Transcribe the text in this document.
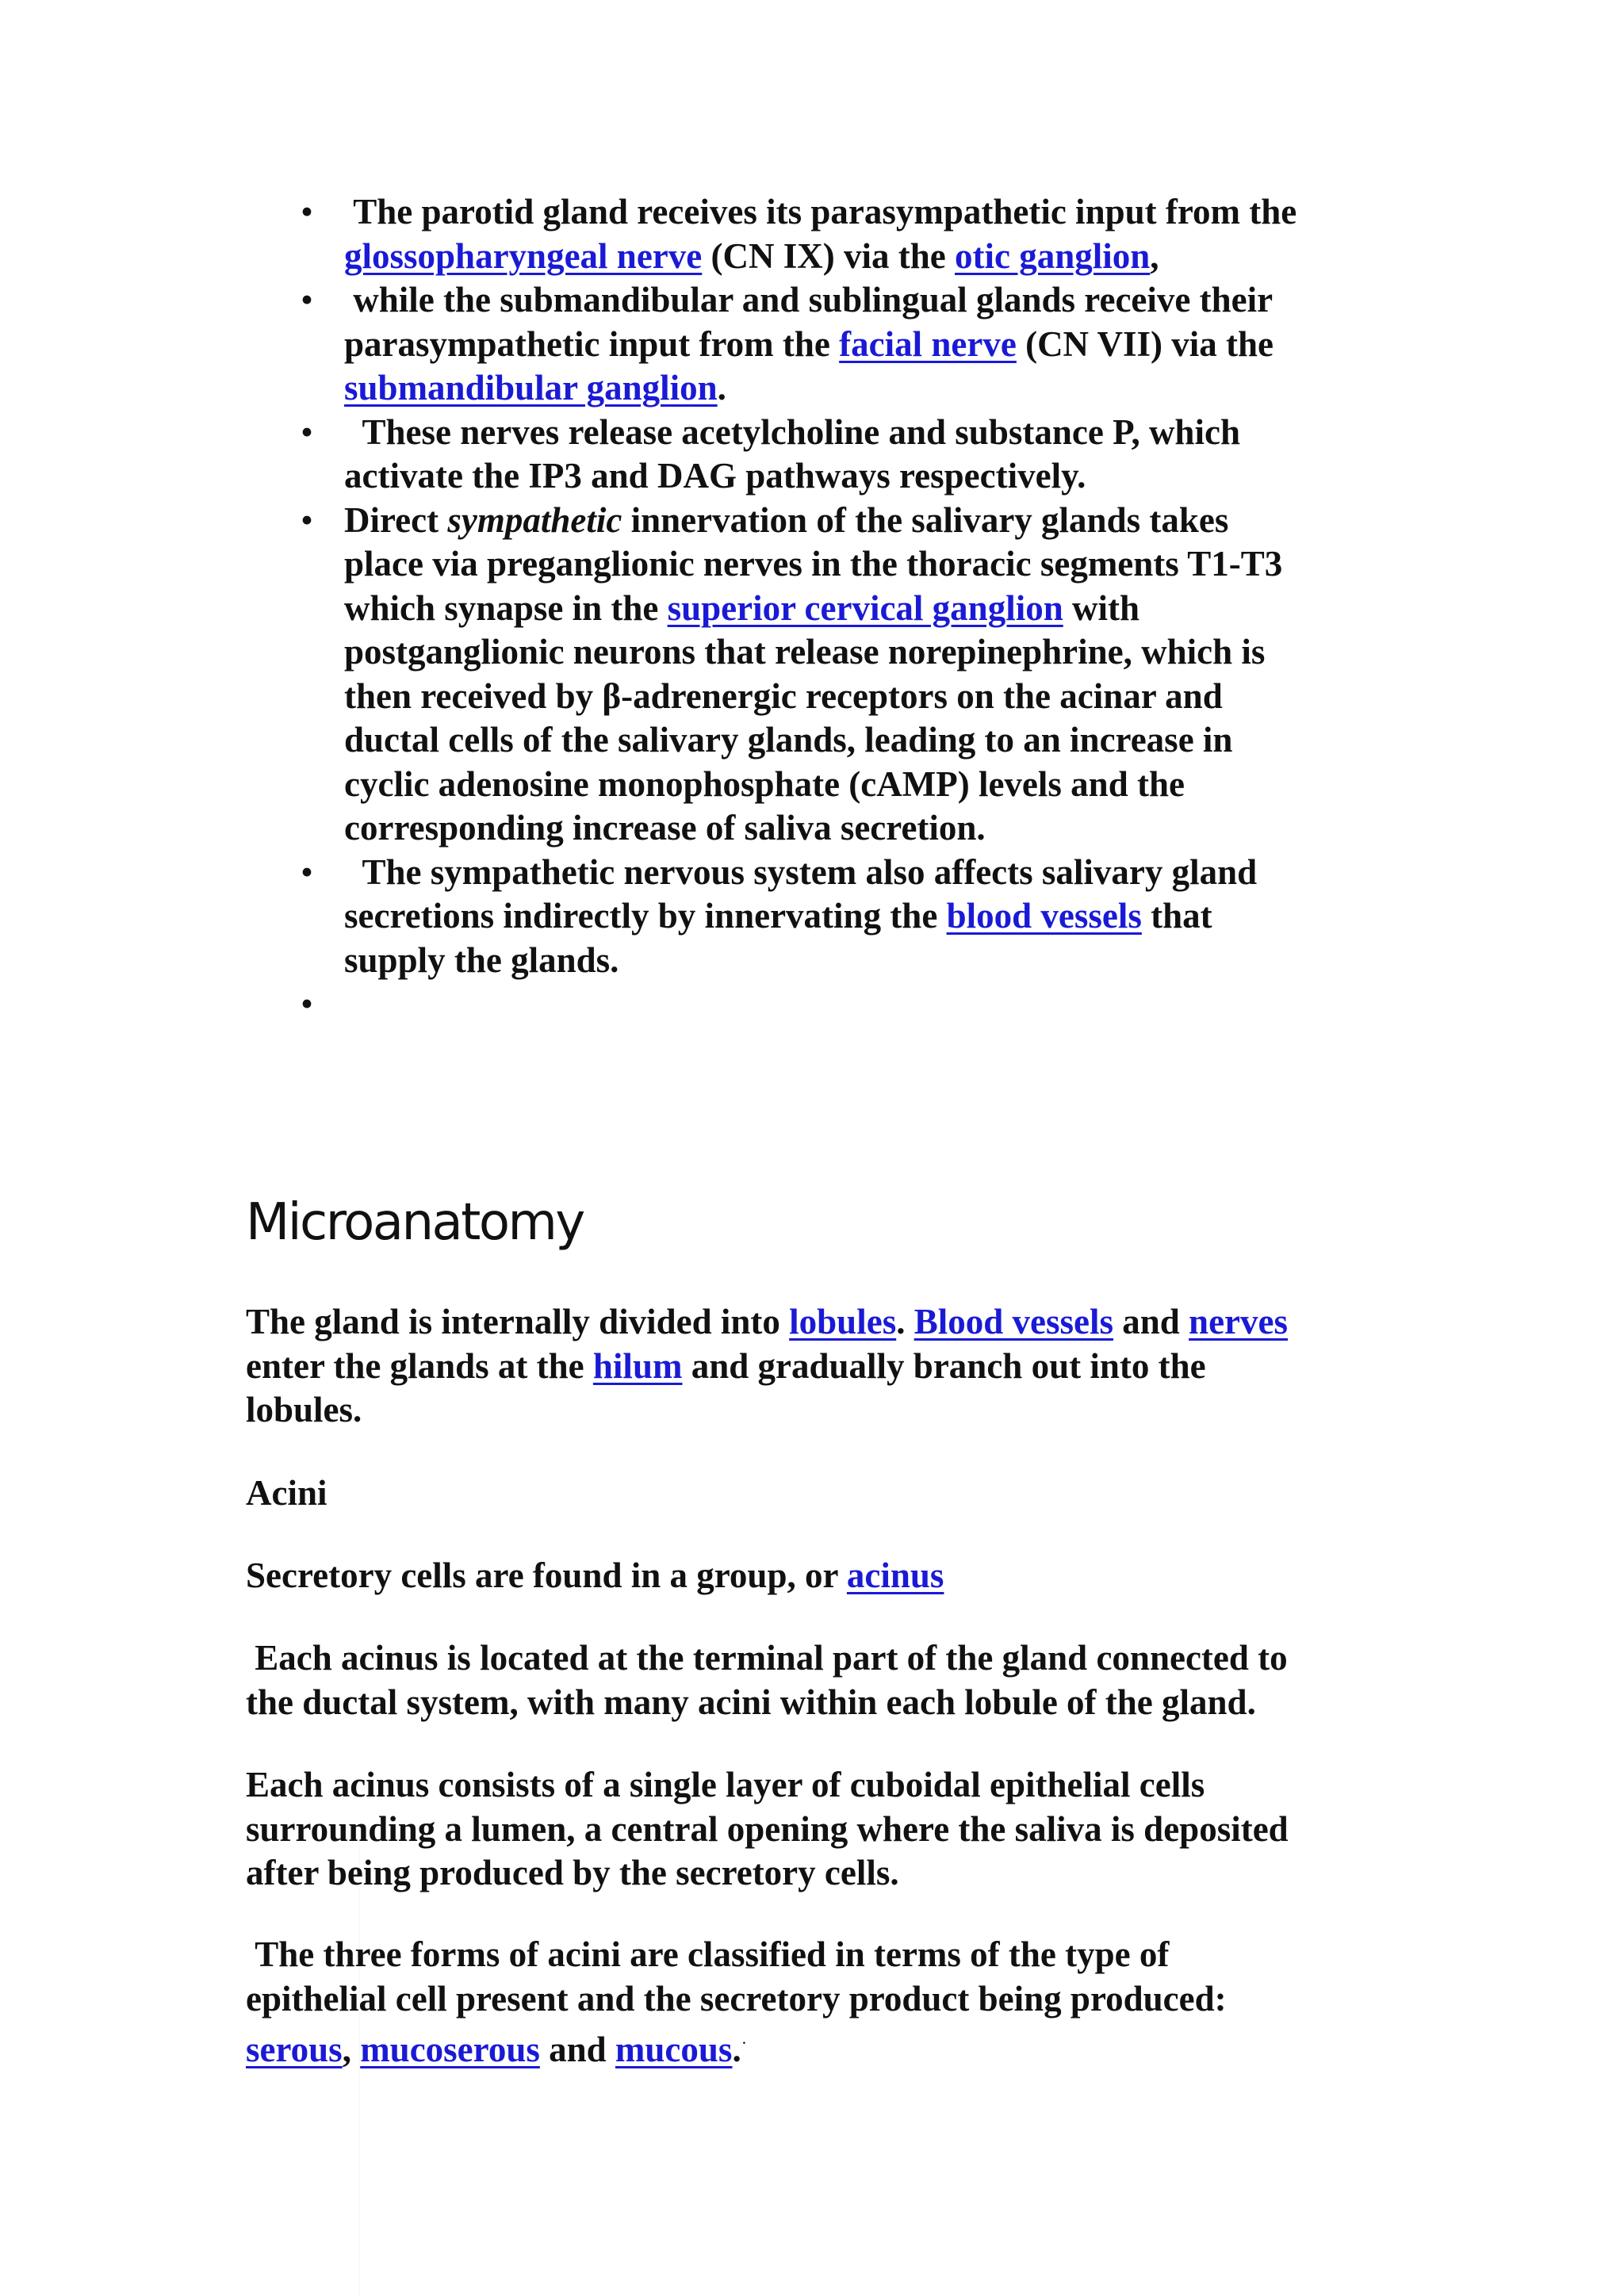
• The parotid gland receives its parasympathetic input from the
glossopharyngeal nerve (CN IX) via the otic ganglion,
• while the submandibular and sublingual glands receive their
parasympathetic input from the facial nerve (CN VII) via the
submandibular ganglion.
•	These nerves release acetylcholine and substance P, which
activate the IP3 and DAG pathways respectively.
• Direct sympathetic innervation of the salivary glands takes
place via preganglionic nerves in the thoracic segments T1-T3
which synapse in the superior cervical ganglion with
postganglionic neurons that release norepinephrine, which is
then received by β-adrenergic receptors on the acinar and
ductal cells of the salivary glands, leading to an increase in
cyclic adenosine monophosphate (cAMP) levels and the
corresponding increase of saliva secretion.
•	The sympathetic nervous system also affects salivary gland
secretions indirectly by innervating the blood vessels that
supply the glands.
•
Microanatomy

The gland is internally divided into lobules. Blood vessels and nerves
enter the glands at the hilum and gradually branch out into the
lobules.

Acini

Secretory cells are found in a group, or acinus

Each acinus is located at the terminal part of the gland connected to
the ductal system, with many acini within each lobule of the gland.

Each acinus consists of a single layer of cuboidal epithelial cells
surrounding a lumen, a central opening where the saliva is deposited
after being produced by the secretory cells.

The three forms of acini are classified in terms of the type of
epithelial cell present and the secretory product being produced:
serous, mucoserous and mucous.·
